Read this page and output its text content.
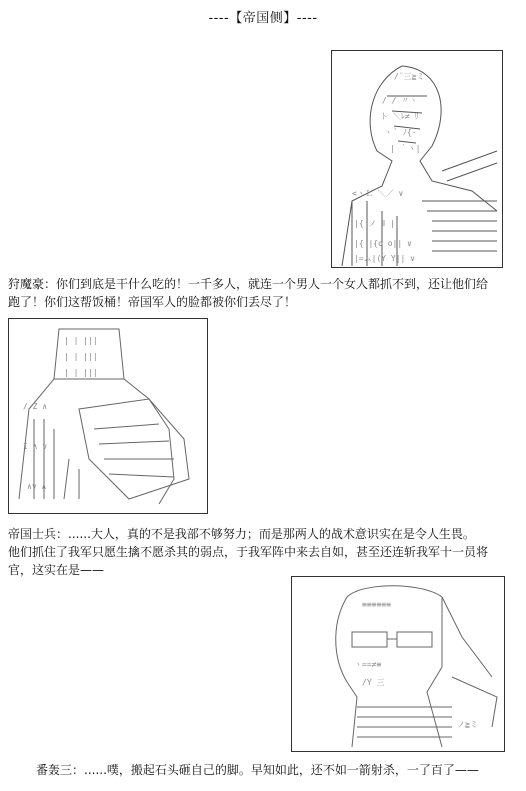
----【帝国侧】----
/¨三≧ミ
/ / 〃ヽ
ト ＼ﾚ≠ ﾘ
ヽ ﾞ ﾉ{‐
| ｀ヽ|
<ヽＬ ＼／ ∨
|{ ノ Ⅱ ||
|{ |{o o|| ∨
|=ム|(Y Y|| ∨
狩魔豪：你们到底是干什么吃的！一千多人，就连一个男人一个女人都抓不到，还让他们给
跑了！你们这帮饭桶！帝国军人的脸都被你们丢尽了！
| | |||
| | |||
| | |||
/ Z ∧
I ∧ ∨
∧∨ ∧
帝国士兵：......大人，真的不是我部不够努力；而是那两人的战术意识实在是令人生畏。
他们抓住了我军只愿生擒不愿杀其的弱点，于我军阵中来去自如，甚至还连斩我军十一员将
官，这实在是——
≡≡≡≡≡≡
ヽ==≠≡
/Y 三
ノ≧ミ
番轰三：......噗，搬起石头砸自己的脚。早知如此，还不如一箭射杀，一了百了——
